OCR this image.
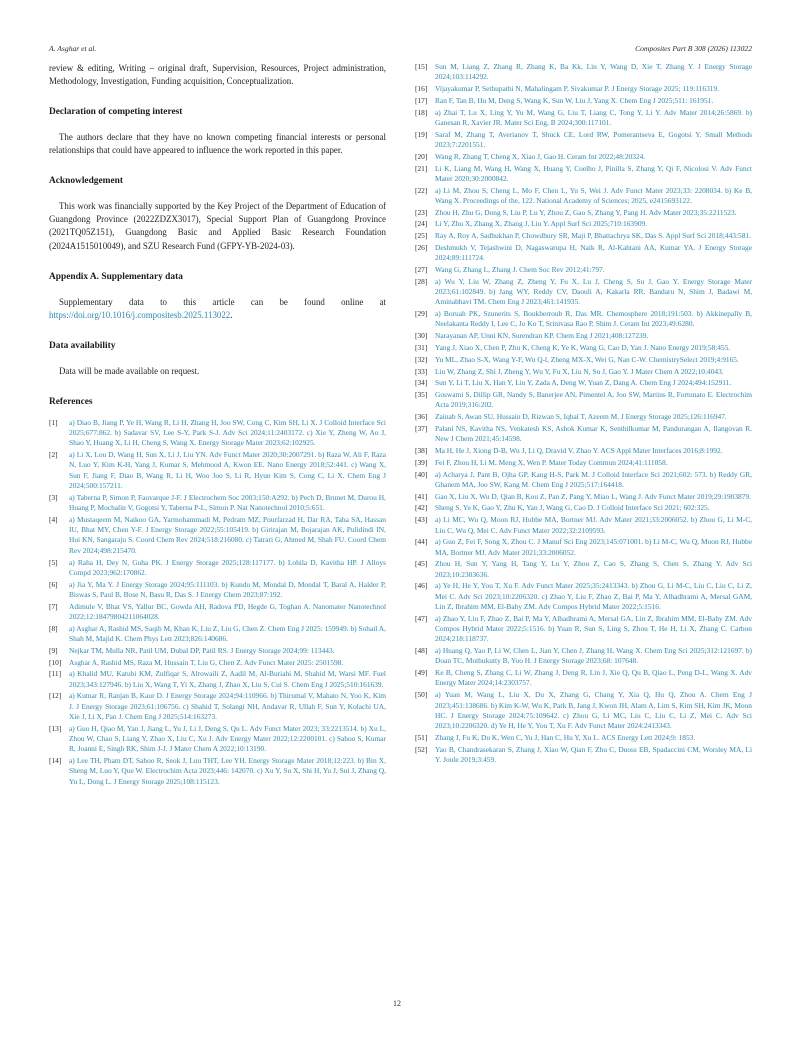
A. Asghar et al.	Composites Part B 308 (2026) 113022

review & editing, Writing – original draft, Supervision, Resources, Project administration, Methodology, Investigation, Funding acquisition, Conceptualization.

Declaration of competing interest

The authors declare that they have no known competing financial interests or personal relationships that could have appeared to influence the work reported in this paper.

Acknowledgement

This work was financially supported by the Key Project of the Department of Education of Guangdong Province (2022ZDZX3017), Special Support Plan of Guangdong Province (2021TQ05Z151), Guangdong Basic and Applied Basic Research Foundation (2024A1515010049), and SZU Research Fund (GFPY-YB-2024-03).

Appendix A. Supplementary data

Supplementary data to this article can be found online at https://doi.org/10.1016/j.compositesb.2025.113022.

Data availability

Data will be made available on request.

References
[1] a) Diao B, Jiang P, Ye H, Wang R, Li H, Zhang H, Joo SW, Cong C, Kim SH, Li X. J Colloid Interface Sci 2025;677:862. b) Sadavar SV, Lee S-Y, Park S-J. Adv Sci 2024;11:2403172. c) Xie Y, Zheng W, Ao J, Shao Y, Huang X, Li H, Cheng S, Wang X. Energy Storage Mater 2023;62:102925.
[2] a) Li X, Lou D, Wang H, Sun X, Li J, Liu YN. Adv Funct Mater 2020;30:2007291. b) Raza W, Ali F, Raza N, Luo Y, Kim K-H, Yang J, Kumar S, Mehmood A, Kwon EE. Nano Energy 2018;52:441. c) Wang X, Sun F, Jiang F, Diao B, Wang R, Li H, Woo Joo S, Li R, Hyun Kim S, Cong C, Li X. Chem Eng J 2024;500:157211.
[3] a) Taberna P, Simon P, Fauvarque J-F. J Electrochem Soc 2003;150:A292. b) Pech D, Brunet M, Durou H, Huang P, Mochalin V, Gogotsi Y, Taberna P-L, Simon P. Nat Nanotechnol 2010;5:651.
[4] a) Mustaqeem M, Naikoo GA, Yarmohammadi M, Pedram MZ, Pourfarzad H, Dar RA, Taha SA, Hassan IU, Bhat MY, Chen Y-F. J Energy Storage 2022;55:105419. b) Girirajan M, Bojarajan AK, Pulidindi IN, Hui KN, Sangaraju S. Coord Chem Rev 2024;518:216080. c) Tatrari G, Ahmed M, Shah FU. Coord Chem Rev 2024;498:215470.
[5] a) Raha H, Dey N, Guha PK. J Energy Storage 2025;128:117177. b) Lohila D, Kavitha HP. J Alloys Compd 2023;962:170862.
[6] a) Jia Y, Ma Y. J Energy Storage 2024;95:111103. b) Kundu M, Mondal D, Mondal T, Baral A, Halder P, Biswas S, Paul B, Bose N, Basu R, Das S. J Energy Chem 2023;87:192.
[7] Adimule V, Bhat VS, Yallur BC, Gowda AH, Radova PD, Hegde G, Toghan A. Nanomater Nanotechnol 2022;12:18479804211064028.
[8] a) Asghar A, Rashid MS, Saqib M, Khan K, Liu Z, Liu G, Chen Z. Chem Eng J 2025: 159949. b) Sohail A, Shah M, Majid K. Chem Phys Lett 2023;826:140686.
[9] Nejkar TM, Mulla NR, Patil UM, Dubal DP, Patil RS. J Energy Storage 2024;99: 113443.
[10] Asghar A, Rashid MS, Raza M, Hussain T, Liu G, Chen Z. Adv Funct Mater 2025: 2501598.
[11] a) Khalid MU, Katubi KM, Zulfiqar S, Alrowaili Z, Aadil M, Al-Buriahi M, Shahid M, Warsi MF. Fuel 2023;343:127946. b) Liu X, Wang T, Yi X, Zhang J, Zhao X, Liu S, Cui S. Chem Eng J 2025;510:161639.
[12] a) Kumar R, Ranjan B, Kaur D. J Energy Storage 2024;94:110966. b) Thirumal V, Mahato N, Yoo K, Kim J. J Energy Storage 2023;61:106756. c) Shahid T, Solangi NH, Andavar R, Ullah F, Sun Y, Kolachi UA, Xie J, Li X, Pan J. Chem Eng J 2025;514:163273.
[13] a) Guo H, Qiao M, Yan J, Jiang L, Yu J, Li J, Deng S, Qu L. Adv Funct Mater 2023; 33:2213514. b) Xu L, Zhou W, Chao S, Liang Y, Zhao X, Liu C, Xu J. Adv Energy Mater 2022;12:2200101. c) Sahoo S, Kumar R, Joanni E, Singh RK, Shim J-J. J Mater Chem A 2022;10:13190.
[14] a) Lee TH, Pham DT, Sahoo R, Seok J, Luu THT, Lee YH. Energy Storage Mater 2018;12:223. b) Bin X, Sheng M, Luo Y, Que W. Electrochim Acta 2023;446: 142070. c) Xu Y, Su X, Shi H, Yu J, Sui J, Zhang Q, Yu L, Dong L. J Energy Storage 2025;108:115123.
[15] Sun M, Liang Z, Zhang R, Zhang K, Ba Kk, Lin Y, Wang D, Xie T, Zhang Y. J Energy Storage 2024;103:114292.
[16] Vijayakumar P, Sethupathi N, Mahalingam P, Sivakumar P. J Energy Storage 2025; 119:116319.
[17] Ran F, Tan B, Hu M, Deng S, Wang K, Sun W, Liu J, Yang X. Chem Eng J 2025;511: 161951.
[18] a) Zhai T, Lu X, Ling Y, Yu M, Wang G, Liu T, Liang C, Tong Y, Li Y. Adv Mater 2014;26:5869. b) Ganesan R, Xavier JR. Mater Sci Eng, B 2024;300:117101.
[19] Saraf M, Zhang T, Averianov T, Shuck CE, Lord RW, Pomerantseva E, Gogotsi Y. Small Methods 2023;7:2201551.
[20] Wang R, Zhang T, Cheng X, Xiao J, Gao H. Ceram Int 2022;48:20324.
[21] Li K, Liang M, Wang H, Wang X, Huang Y, Coelho J, Pinilla S, Zhang Y, Qi F, Nicolosi V. Adv Funct Mater 2020;30:2000842.
[22] a) Li M, Zhou S, Cheng L, Mo F, Chen L, Yu S, Wei J. Adv Funct Mater 2023;33: 2208034. b) Ke B, Wang X. Proceedings of the, 122. National Academy of Sciences; 2025, e2415693122.
[23] Zhou H, Zhu G, Dong S, Liu P, Lu Y, Zhou Z, Gao S, Zhang Y, Pang H. Adv Mater 2023;35:2211523.
[24] Li Y, Zhu X, Zhang X, Zhang J, Liu Y. Appl Surf Sci 2025;710:163909.
[25] Ray A, Roy A, Sadhukhan P, Chowdhury SR, Maji P, Bhattachrya SK, Das S. Appl Surf Sci 2018;443:581.
[26] Deshmukh V, Tejashwini D, Nagaswarupa H, Naik R, Al-Kahtani AA, Kumar YA. J Energy Storage 2024;89:111724.
[27] Wang G, Zhang L, Zhang J. Chem Soc Rev 2012;41:797.
[28] a) Wu Y, Liu W, Zhang Z, Zheng Y, Fu X, Lu J, Cheng S, Su J, Gao Y. Energy Storage Mater 2023;61:102849. b) Jang WY, Reddy CV, Daouli A, Kakarla RR, Bandaru N, Shim J, Badawi M, Aminabhavi TM. Chem Eng J 2023;461:141935.
[29] a) Boruah PK, Szunerits S, Boukherroub R, Das MR. Chemosphere 2018;191:503. b) Akkinepally B, Neelakanta Reddy I, Lee C, Jo Ko T, Srinivasa Rao P, Shim J. Ceram Int 2023;49:6280.
[30] Narayanan AP, Unni KN, Surendran KP. Chem Eng J 2021;408:127239.
[31] Yang J, Xiao X, Chen P, Zhu K, Cheng K, Ye K, Wang G, Cao D, Yan J. Nano Energy 2019;58:455.
[32] Yu ML, Zhao S-X, Wang Y-F, Wu Q-l, Zheng MX-X, Wei G, Nan C-W. ChemistrySelect 2019;4:9165.
[33] Liu W, Zhang Z, Shi J, Zheng Y, Wu Y, Fu X, Liu N, Su J, Gao Y. J Mater Chem A 2022;10:4043.
[34] Sun Y, Li T, Liu X, Han Y, Liu Y, Zada A, Deng W, Yuan Z, Dang A. Chem Eng J 2024;494:152911.
[35] Goswami S, Dillip GR, Nandy S, Banerjee AN, Pimentel A, Joo SW, Martins R, Fortunato E. Electrochim Acta 2019;316:202.
[36] Zainab S, Awan SU, Hussain D, Rizwan S, Iqbal T, Azeem M. J Energy Storage 2025;126:116947.
[37] Palani NS, Kavitha NS, Venkatesh KS, Ashok Kumar K, Senthilkumar M, Pandurangan A, Ilangovan R. New J Chem 2021;45:14598.
[38] Ma H, He J, Xiong D-B, Wu J, Li Q, Dravid V, Zhao Y. ACS Appl Mater Interfaces 2016;8:1992.
[39] Fei F, Zhou H, Li M, Meng X, Wen P. Mater Today Commun 2024;41:111058.
[40] a) Acharya J, Pant B, Ojha GP, Kang H-S, Park M. J Colloid Interface Sci 2021;602: 573. b) Reddy GR, Ghanem MA, Joo SW, Kang M. Chem Eng J 2025;517:164418.
[41] Gao X, Liu X, Wu D, Qian B, Kou Z, Pan Z, Pang Y, Miao L, Wang J. Adv Funct Mater 2019;29:1903879.
[42] Sheng S, Ye K, Gao Y, Zhu K, Yan J, Wang G, Cao D. J Colloid Interface Sci 2021; 602:325.
[43] a) Li MC, Wu Q, Moon RJ, Hubbe MA, Bortner MJ. Adv Mater 2021;33:2006052. b) Zhou G, Li M-C, Liu C, Wu Q, Mei C. Adv Funct Mater 2022;32:2109593.
[44] a) Guo Z, Fei F, Song X, Zhou C. J Manuf Sci Eng 2023;145:071001. b) Li M-C, Wu Q, Moon RJ, Hubbe MA, Bortner MJ. Adv Mater 2021;33:2006052.
[45] Zhou H, Sun Y, Yang H, Tang Y, Lu Y, Zhou Z, Cao S, Zhang S, Chen S, Zhang Y. Adv Sci 2023;10:2303636.
[46] a) Ye H, He Y, You T, Xu F. Adv Funct Mater 2025;35:2413343. b) Zhou G, Li M-C, Liu C, Liu C, Li Z, Mei C. Adv Sci 2023;10:2206320. c) Zhao Y, Liu F, Zhao Z, Bai P, Ma Y, Alhadhrami A, Mersal GAM, Lin Z, Ibrahim MM, El-Bahy ZM. Adv Compos Hybrid Mater 2022;5:1516.
[47] a) Zhao Y, Liu F, Zhao Z, Bai P, Ma Y, Alhadhrami A, Mersal GA, Lin Z, Ibrahim MM, El-Bahy ZM. Adv Compos Hybrid Mater 2022;5:1516. b) Yuan R, Sun S, Ling S, Zhou T, He H, Li X, Zhang C. Carbon 2024;218:118737.
[48] a) Huang Q, Yao P, Li W, Chen L, Jian Y, Chen J, Zhang H, Wang X. Chem Eng Sci 2025;312:121697. b) Doan TC, Muthukutty B, Yoo H. J Energy Storage 2023;68: 107648.
[49] Ke B, Cheng S, Zhang C, Li W, Zhang J, Deng R, Lin J, Xie Q, Qu B, Qiao L, Peng D-L, Wang X. Adv Energy Mater 2024;14:2303757.
[50] a) Yuan M, Wang L, Liu X, Du X, Zhang G, Chang Y, Xia Q, Hu Q, Zhou A. Chem Eng J 2023;451:138686. b) Kim K-W, Wu K, Park B, Jang J, Kwon JH, Alam A, Lim S, Kim SH, Kim JK, Moon HC. J Energy Storage 2024;75:109642. c) Zhou G, Li MC, Liu C, Liu C, Li Z, Mei C. Adv Sci 2023;10:2206320. d) Ye H, He Y, You T, Xu F. Adv Funct Mater 2024:2413343.
[51] Zhang J, Fu K, Du K, Wen C, Yu J, Han C, Hu Y, Xu L. ACS Energy Lett 2024;9: 1853.
[52] Yao B, Chandrasekaran S, Zhang J, Xiao W, Qian F, Zhu C, Duoss EB, Spadaccini CM, Worsley MA, Li Y. Joule 2019;3:459.
12
